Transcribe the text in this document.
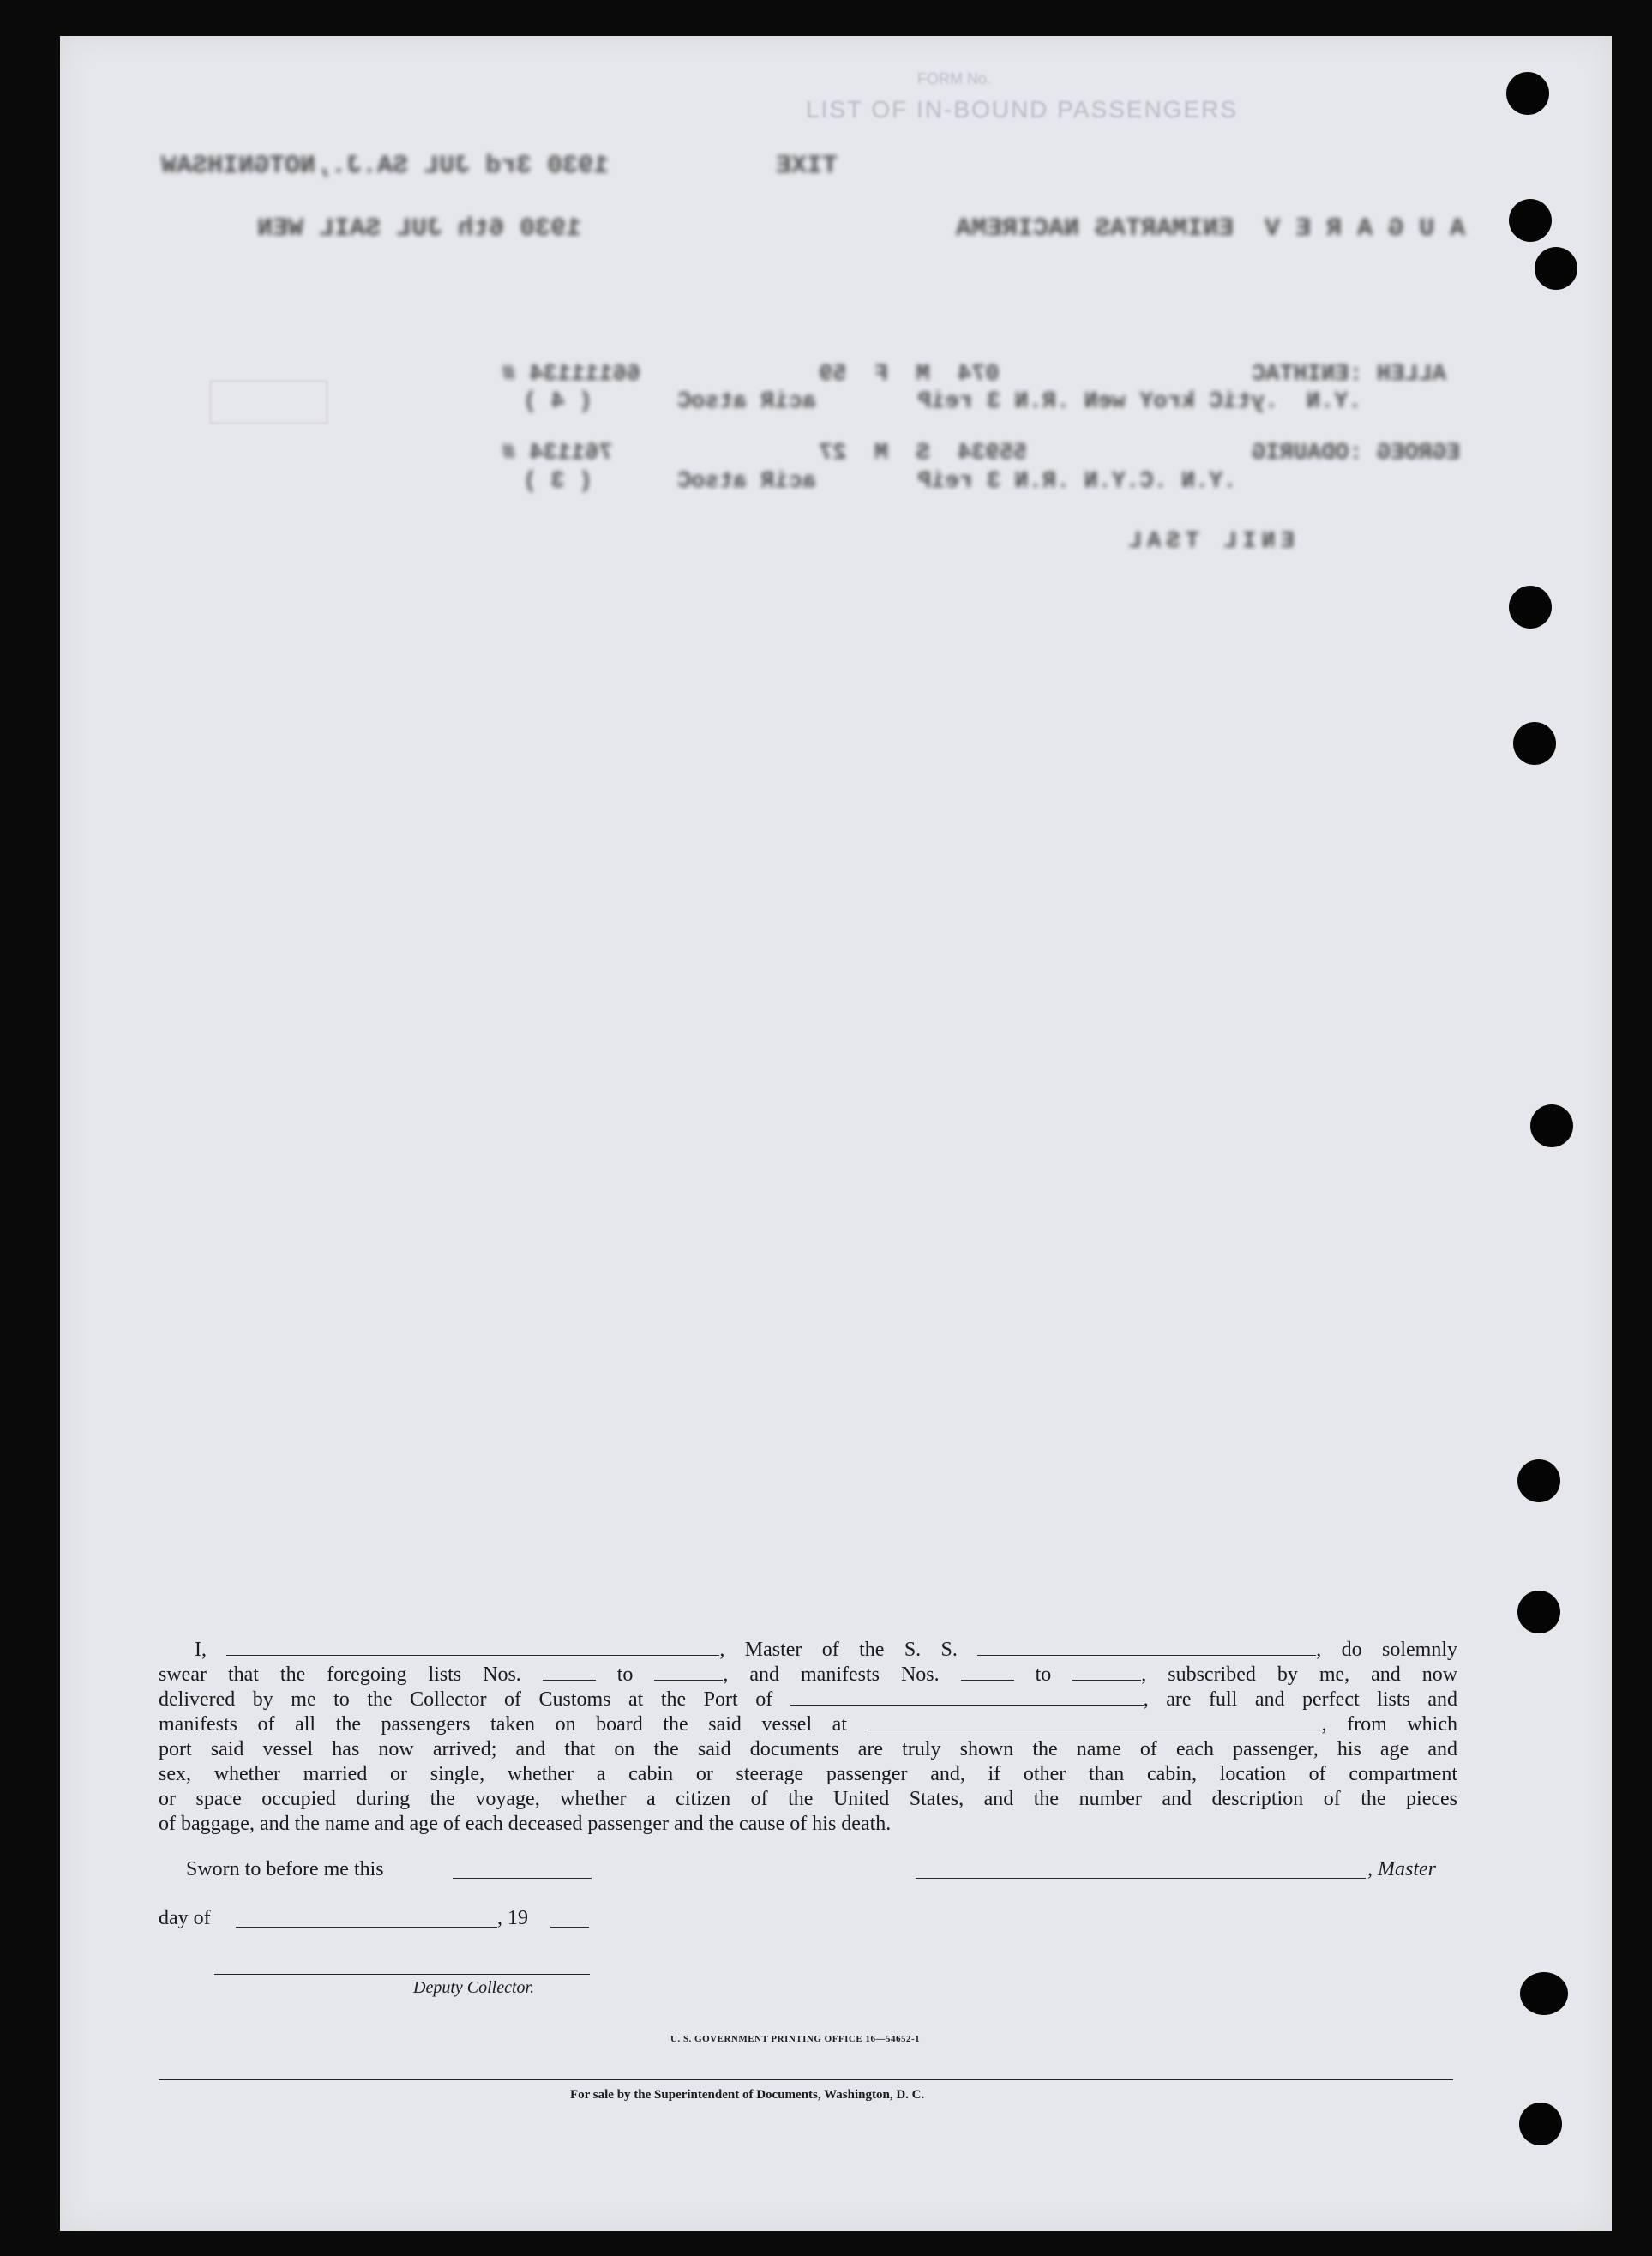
FORM No.
LIST OF IN-BOUND PASSENGERS
1930 3rd JUL SA.J.,NOTGNIHSAW	TIXE
1930 6th JUL SAIL WEN	A U G A R E V  ENIMARTAS NACIREMA
66111134 #	074  M  F  59	ALLEH :ENIHTAC
( 4 )	aciR atsoC	.Y.N  .ytiC kroY weN .R.N 3 reiP
761134 #	55934  S  M  27	EGROEG :ODAURIG
( 3 )	aciR atsoC	.Y.N .C.Y.N .R.N 3 reiP
ENIL TSAL
I,	, Master of the S. S.	, do solemnly
swear that the foregoing lists Nos.	to	, and manifests Nos.	to	, subscribed by me, and now
delivered by me to the Collector of Customs at the Port of	, are full and perfect lists and
manifests of all the passengers taken on board the said vessel at	, from which
port said vessel has now arrived; and that on the said documents are truly shown the name of each passenger, his age and
sex, whether married or single, whether a cabin or steerage passenger and, if other than cabin, location of compartment
or space occupied during the voyage, whether a citizen of the United States, and the number and description of the pieces
of baggage, and the name and age of each deceased passenger and the cause of his death.
Sworn to before me this	, Master
day of	, 19
Deputy Collector.
U. S. GOVERNMENT PRINTING OFFICE 16—54652-1
For sale by the Superintendent of Documents, Washington, D. C.
